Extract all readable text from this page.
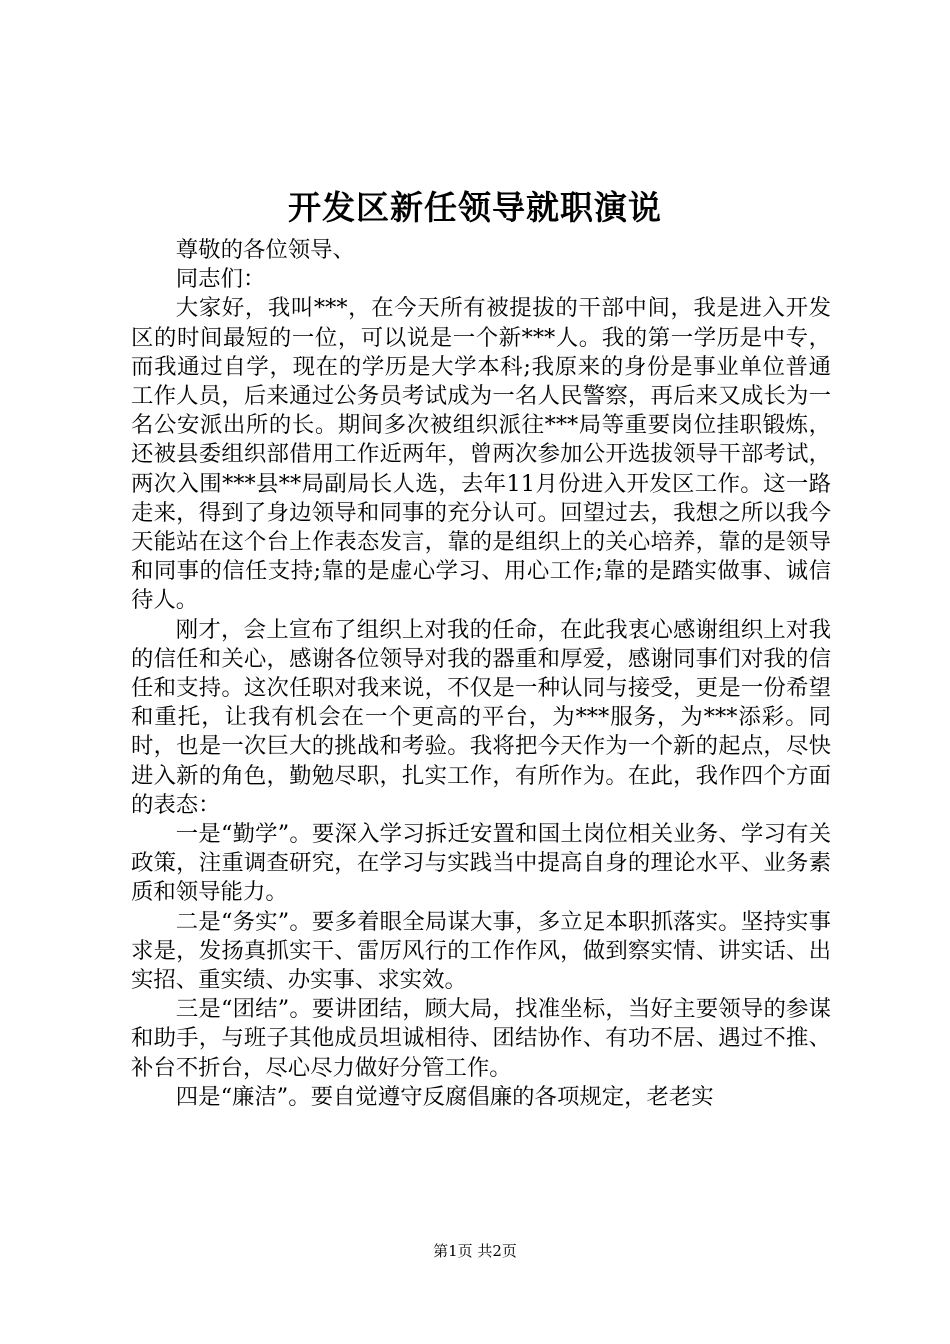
开发区新任领导就职演说

尊敬的各位领导、

同志们：

大家好，我叫***，在今天所有被提拔的干部中间，我是进入开发区的时间最短的一位，可以说是一个新***人。我的第一学历是中专，而我通过自学，现在的学历是大学本科;我原来的身份是事业单位普通工作人员，后来通过公务员考试成为一名人民警察，再后来又成长为一名公安派出所的长。期间多次被组织派往***局等重要岗位挂职锻炼，还被县委组织部借用工作近两年，曾两次参加公开选拔领导干部考试，两次入围***县**局副局长人选，去年11月份进入开发区工作。这一路走来，得到了身边领导和同事的充分认可。回望过去，我想之所以我今天能站在这个台上作表态发言，靠的是组织上的关心培养，靠的是领导和同事的信任支持;靠的是虚心学习、用心工作;靠的是踏实做事、诚信待人。

刚才，会上宣布了组织上对我的任命，在此我衷心感谢组织上对我的信任和关心，感谢各位领导对我的器重和厚爱，感谢同事们对我的信任和支持。这次任职对我来说，不仅是一种认同与接受，更是一份希望和重托，让我有机会在一个更高的平台，为***服务，为***添彩。同时，也是一次巨大的挑战和考验。我将把今天作为一个新的起点，尽快进入新的角色，勤勉尽职，扎实工作，有所作为。在此，我作四个方面的表态：

一是“勤学”。要深入学习拆迁安置和国土岗位相关业务、学习有关政策，注重调查研究，在学习与实践当中提高自身的理论水平、业务素质和领导能力。

二是“务实”。要多着眼全局谋大事，多立足本职抓落实。坚持实事求是，发扬真抓实干、雷厉风行的工作作风，做到察实情、讲实话、出实招、重实绩、办实事、求实效。

三是“团结”。要讲团结，顾大局，找准坐标，当好主要领导的参谋和助手，与班子其他成员坦诚相待、团结协作、有功不居、遇过不推、补台不折台，尽心尽力做好分管工作。

四是“廉洁”。要自觉遵守反腐倡廉的各项规定，老老实

第1页 共2页
